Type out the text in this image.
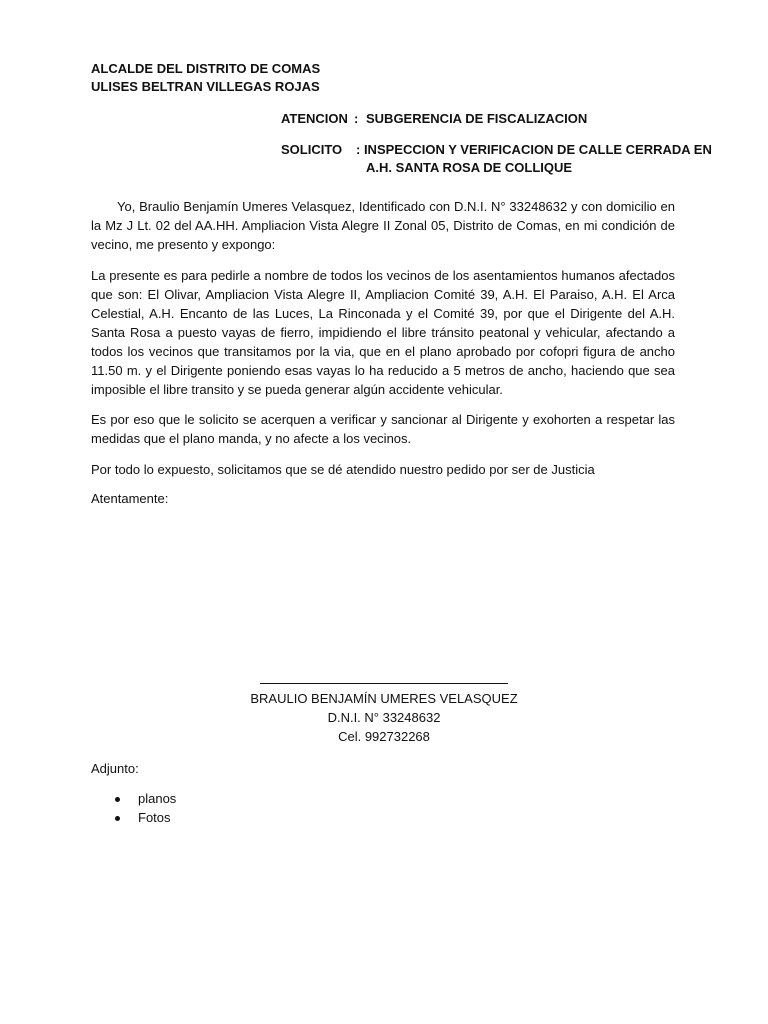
ALCALDE DEL DISTRITO DE COMAS

ULISES BELTRAN VILLEGAS ROJAS

ATENCION : SUBGERENCIA DE FISCALIZACION

SOLICITO : INSPECCION Y VERIFICACION DE CALLE CERRADA EN

A.H. SANTA ROSA DE COLLIQUE

Yo, Braulio Benjamín Umeres Velasquez, Identificado con D.N.I. N° 33248632 y con domicilio en la Mz J Lt. 02 del AA.HH. Ampliacion Vista Alegre II Zonal 05, Distrito de Comas, en mi condición de vecino, me presento y expongo:

La presente es para pedirle a nombre de todos los vecinos de los asentamientos humanos afectados que son: El Olivar, Ampliacion Vista Alegre II, Ampliacion Comité 39, A.H. El Paraiso, A.H. El Arca Celestial, A.H. Encanto de las Luces, La Rinconada y el Comité 39, por que el Dirigente del A.H. Santa Rosa a puesto vayas de fierro, impidiendo el libre tránsito peatonal y vehicular, afectando a todos los vecinos que transitamos por la via, que en el plano aprobado por cofopri figura de ancho 11.50 m. y el Dirigente poniendo esas vayas lo ha reducido a 5 metros de ancho, haciendo que sea imposible el libre transito y se pueda generar algún accidente vehicular.

Es por eso que le solicito se acerquen a verificar y sancionar al Dirigente y exohorten a respetar las medidas que el plano manda, y no afecte a los vecinos.

Por todo lo expuesto, solicitamos que se dé atendido nuestro pedido por ser de Justicia

Atentamente:

BRAULIO BENJAMÍN UMERES VELASQUEZ

D.N.I. N° 33248632

Cel. 992732268

Adjunto:

planos
Fotos
